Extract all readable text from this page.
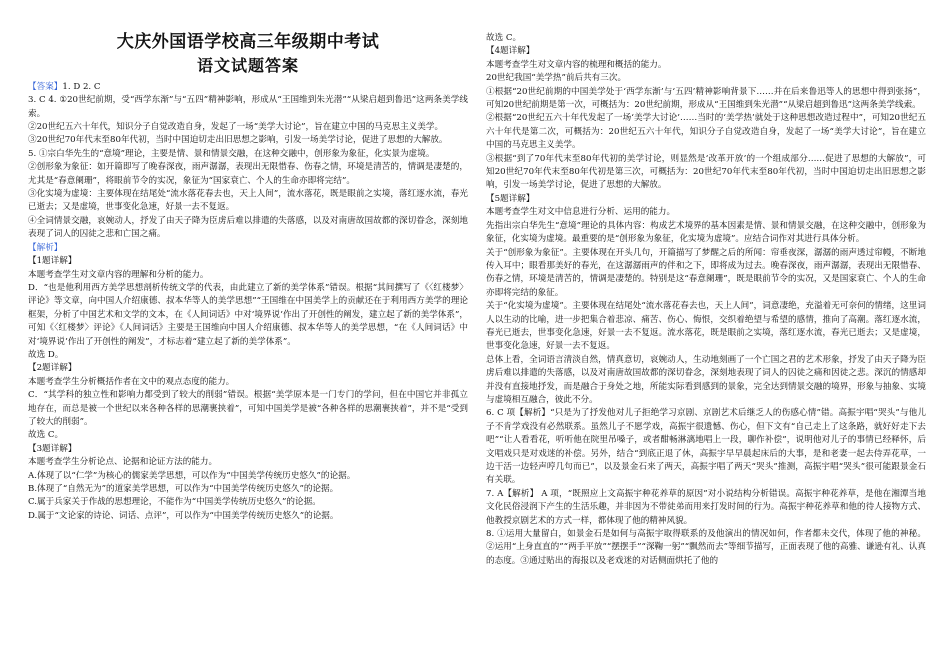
大庆外国语学校高三年级期中考试
语文试题答案

【答案】1. D 2. C

3. C 4. ①20世纪前期，受“西学东渐”与“五四”精神影响，形成从“王国维到朱光潜”“从梁启超到鲁迅”这两条美学线索。

②20世纪五六十年代，知识分子自觉改造自身，发起了一场“美学大讨论”，旨在建立中国的马克思主义美学。

③20世纪70年代末至80年代初，当时中国迫切走出旧思想之影响，引发一场美学讨论，促进了思想的大解放。

5. ①宗白华先生的“意境”理论，主要是情、景和情景交融，在这种交融中，创形象为象征，化实景为虚境。

②创形象为象征：如开篇即写了晚春深夜，雨声潺潺，表现出无限惜春、伤春之情，环境是清苦的，情调是凄楚的，尤其是“春意阑珊”，将眼前节令的实况，象征为“国家衰亡、个人的生命亦即将完结”。

③化实境为虚境：主要体现在结尾处“流水落花春去也，天上人间”，流水落花，既是眼前之实境，落红逐水流，春光已逝去；又是虚境，世事变化急速，好景一去不复返。

④全词情景交融，哀婉动人，抒发了由天子降为臣虏后难以排遣的失落感，以及对南唐故国故都的深切眷念，深刻地表现了词人的囚徒之悲和亡国之痛。

【解析】

【1题详解】

本题考查学生对文章内容的理解和分析的能力。

D．“也是他利用西方美学思想剖析传统文学的代表，由此建立了新的美学体系”错误。根据“其间撰写了《〈红楼梦〉评论》等文章，向中国人介绍康德、叔本华等人的美学思想”“王国维在中国美学上的贡献还在于利用西方美学的理论框架，分析了中国艺术和文学的文本，在《人间词话》中对‘境界说’作出了开创性的阐发，建立起了新的美学体系”，可知《〈红楼梦〉评论》《人间词话》主要是王国维向中国人介绍康德、叔本华等人的美学思想，“在《人间词话》中对‘境界说’作出了开创性的阐发”，才标志着“建立起了新的美学体系”。

故选 D。

【2题详解】

本题考查学生分析概括作者在文中的观点态度的能力。

C．“其学科的独立性和影响力都受到了较大的削弱”错误。根据“美学原本是一门专门的学问，但在中国它并非孤立地存在，而总是被一个世纪以来各种各样的思潮裹挟着”，可知中国美学是被“各种各样的思潮裹挟着”，并不是“受到了较大的削弱”。

故选 C。

【3题详解】

本题考查学生分析论点、论据和论证方法的能力。

A.体现了以“仁学”为核心的儒家美学思想，可以作为“中国美学传统历史悠久”的论据。

B.体现了“自然无为”的道家美学思想，可以作为“中国美学传统历史悠久”的论据。

C.属于兵家关于作战的思想理论，不能作为“中国美学传统历史悠久”的论据。

D.属于“文论家的诗论、词话、点评”，可以作为“中国美学传统历史悠久”的论据。

故选 C。

【4题详解】

本题考查学生对文章内容的梳理和概括的能力。

20世纪我国“美学热”前后共有三次。

①根据“20世纪前期的中国美学处于‘西学东渐’与‘五四’精神影响背景下……并在后来鲁迅等人的思想中得到张扬”，可知20世纪前期是第一次，可概括为：20世纪前期，形成从“王国维到朱光潜”“从梁启超到鲁迅”这两条美学线索。

②根据“20世纪五六十年代发起了一场‘美学大讨论’……当时的‘美学热’就处于这种思想改造过程中”，可知20世纪五六十年代是第二次，可概括为：20世纪五六十年代，知识分子自觉改造自身，发起了一场“美学大讨论”，旨在建立中国的马克思主义美学。

③根据“到了70年代末至80年代初的美学讨论，则显然是‘改革开放’的一个组成部分……促进了思想的大解放”，可知20世纪70年代末至80年代初是第三次，可概括为：20世纪70年代末至80年代初，当时中国迫切走出旧思想之影响，引发一场美学讨论，促进了思想的大解放。

【5题详解】

本题考查学生对文中信息进行分析、运用的能力。

先指出宗白华先生“意境”理论的具体内容：构成艺术境界的基本因素是情、景和情景交融，在这种交融中，创形象为象征，化实境为虚境。最重要的是“创形象为象征，化实境为虚境”。应结合词作对其进行具体分析。

关于“创形象为象征”。主要体现在开头几句，开篇描写了梦醒之后的所闻：帘垂夜深，潺潺的雨声透过帘幔，不断地传入耳中；眼看那美好的春光，在这潺潺雨声的伴和之下，即将成为过去。晚春深夜，雨声潺潺，表现出无限惜春、伤春之情，环境是清苦的，情调是凄楚的。特别是这“春意阑珊”，既是眼前节令的实况，又是国家衰亡、个人的生命亦即将完结的象征。

关于“化实境为虚境”。主要体现在结尾处“流水落花春去也，天上人间”，词意凄绝，充溢着无可奈何的情绪，这里词人以生动的比喻，进一步把集合着悲凉、痛苦、伤心、悔恨，交织着绝望与希望的感情，推向了高潮。落红逐水流，春光已逝去，世事变化急速，好景一去不复返。流水落花，既是眼前之实境，落红逐水流，春光已逝去；又是虚境，世事变化急速，好景一去不复返。

总体上看，全词语言清淡自然，情真意切，哀婉动人，生动地刻画了一个亡国之君的艺术形象，抒发了由天子降为臣虏后难以排遣的失落感，以及对南唐故国故都的深切眷念，深刻地表现了词人的囚徒之痛和因徒之悲。深沉的情感却并没有直接地抒发，而是融合于身处之地，所能实际看到感到的景象，完全达到情景交融的境界，形象与抽象、实境与虚境相互融合，彼此不分。

6. C 项【解析】“只是为了抒发他对儿子拒绝学习京剧、京剧艺术后继乏人的伤感心情”错。高振宇唱“哭头”与他儿子不肯学戏没有必然联系。虽然儿子不愿学戏，高振宇很遗憾、伤心，但下文有“自己走上了这条路，就好好走下去吧”“让人看看花，听听他在院里吊嗓子，或者酣畅淋漓地唱上一段，聊作补偿”，说明他对儿子的事情已经释怀，后文唱戏只是对戏迷的补偿。另外，结合“到底正退了休，高振宇早早晨起床后的大事，是和老妻一起去侍弄花草，一边干活一边轻声哼几句而已”，以及景金石来了两天，高振宇唱了两天“哭头”推测，高振宇唱“哭头”很可能跟景金石有关联。

7. A【解析】 A 项，“既照应上文高振宇种花养草的原因”对小说结构分析错误。高振宇种花养草，是他在湘潭当地文化民俗浸润下产生的生活乐趣，并非因为不带徒弟而用来打发时间的行为。高振宇种花养草和他的待人接物方式、他教授京剧艺术的方式一样，都体现了他的精神风貌。

8. ①运用大量留白，如景金石是如何与高振宇取得联系的及他演出的情况如何，作者都未交代，体现了他的神秘。②运用“上身直直的”“两手平放”“摆摆手”“深鞠一躬”“飘然而去”等细节描写，正面表现了他的高雅、谦逊有礼、认真的态度。③通过贴出的海报以及老戏迷的对话侧面烘托了他的
